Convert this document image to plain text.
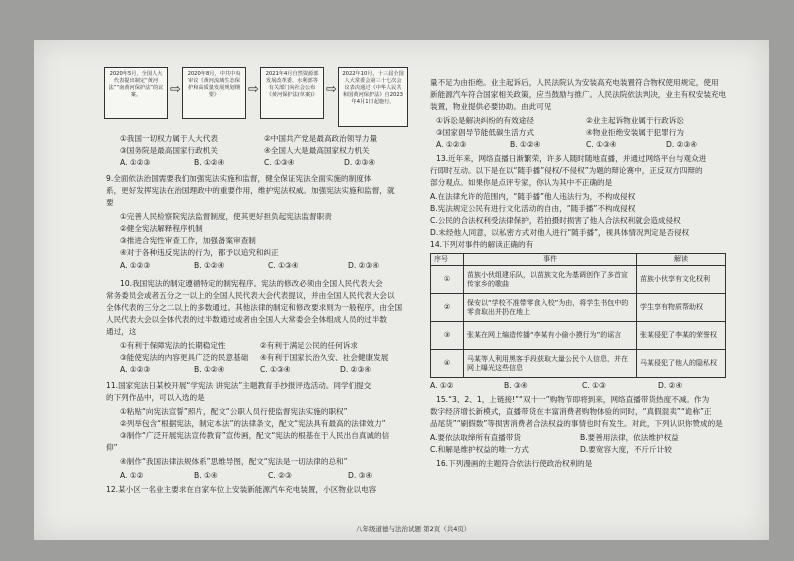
2020年5月，全国人大代表提出制定“黄河法”“南黄河保护法”的议案。	⇨
2020年8月，中共中央审议《黄河流域生态保护和高质量发展规划纲要》	⇨
2021年4月自然资源部发展改革委、水利部等有关部门向社会公布《黄河保护法(草案)》 ⇨
2022年10月，十三届全国人大常委会第三十七次会议表决通过《中华人民共和国黄河保护法》自2023年4月1日起施行。
①我国一切权力属于人大代表
③国务院是最高国家行政机关
A. ①②③	B. ①②④
②中国共产党是最高政治领导力量
④全国人大是最高国家权力机关
C. ①③④	D. ②③④
9.全面依法治国需要我们加强宪法实施和监督，健全保证宪法全面实施的制度体
系，更好发挥宪法在治国理政中的重要作用，维护宪法权威。加强宪法实施和监督，就
要
①完善人民检察院宪法监督制度，使其更好担负起宪法监督职责
②健全宪法解释程序机制
③推进合宪性审查工作，加强备案审查制
④对于各种违反宪法的行为，都予以追究和纠正
A. ①②③	B. ①②④	C. ①③④	D. ②③④
10.我国宪法的制定遵循特定的制宪程序。宪法的修改必须由全国人民代表大会
常务委员会或者五分之一以上的全国人民代表大会代表提议，并由全国人民代表大会以
全体代表的三分之二以上的多数通过。其他法律的制定和修改要求则为一般程序，由全国
人民代表大会以全体代表的过半数通过或者由全国人大常委会全体组成人员的过半数
通过，这
①有利于保障宪法的长期稳定性
③能使宪法的内容更具广泛的民意基础
A. ①②③	B. ①②④
②有利于满足公民的任何诉求
④有利于国家长治久安、社会健康发展
C. ①③④	D. ②③④
11.国家宪法日某校开展“学宪法 讲宪法”主题教育手抄报评选活动。同学们提交
的下列作品中，可以入选的是
①粘贴“向宪法宣誓”照片，配文“公职人员行使监督宪法实施的职权”
②列举包含“根据宪法，制定本法”的法律条文，配文“宪法具有最高的法律效力”
③制作“广泛开展宪法宣传教育”宣传画，配文“宪法的根基在于人民出自真诚的信
仰”
④制作“我国法律法规体系”思维导图，配文“宪法是一切法律的总和”
A. ①②	B. ①④	C. ②③	D. ③④
12.某小区一名业主要求在自家车位上安装新能源汽车充电装置，小区物业以电容
量不足为由拒绝。业主起诉后，人民法院认为安装高充电装置符合物权使用规定，使用
新能源汽车符合国家相关政策，应当鼓励与推广。人民法院依法判决，业主有权安装充电
装置，物业提供必要协助。由此可见
①诉讼是解决纠纷的有效途径
③国家倡导节能低碳生活方式
A. ①②③	B. ①②④
②业主起诉物业属于行政诉讼
④物业拒绝安装属于犯罪行为
C. ①③④	D. ②③④
13.近年来，网络直播日渐繁荣，许多人随时随地直播，并通过网络平台与观众进
行即时互动。以下是在以“随手播”侵权/不侵权”为题的辩论赛中，正反双方四辩的
部分观点。如果你是点评专家，你认为其中不正确的是
A.在法律允许的范围内，“随手播”他人违法行为，不构成侵权
B.宪法规定公民有进行文化活动的自由，“随手播”不构成侵权
C.公民的合法权利受法律保护，若拍摄时损害了他人合法权利就会造成侵权
D.未经他人同意，以私密方式对他人进行“随手播”，视具体情况判定是否侵权
14.下列对事件的解读正确的有
序号	事件	解读
①	苗族小伙组建乐队，以苗族文化为基调创作了多首宣传家乡的歌曲	苗族小伙享有文化权利
②	保安以“学校不准带零食入校”为由，将学生书包中的零食取出并扔在地上	学生享有物质帮助权
③	张某在网上编造传播“李某有小偷小摸行为”的谣言	张某侵犯了李某的荣誉权
④	马某等人利用黑客手段获取大量公民个人信息，并在网上曝光这些信息	马某侵犯了他人的隐私权
A. ①②	B. ③④	C. ①③	D. ②④
15.“3、2、1，上链接!”“双十一”购物节即将到来，网络直播带货热度不减。作为
数字经济增长新模式，直播带货在丰富消费者购物体验的同时，“真假混卖”“诡称”正
品尾货”“刷假数”等损害消费者合法权益的事情也时有发生。对此，下列认识你赞成的是
A.要依法取缔所有直播带货	B.要善用法律，依法维护权益
C.和解是维护权益的唯一方式	D.要宽容大度，不斤斤计较
16.下列漫画的主题符合依法行使政治权利的是
八年级道德与法治试题 第2页（共4页）
